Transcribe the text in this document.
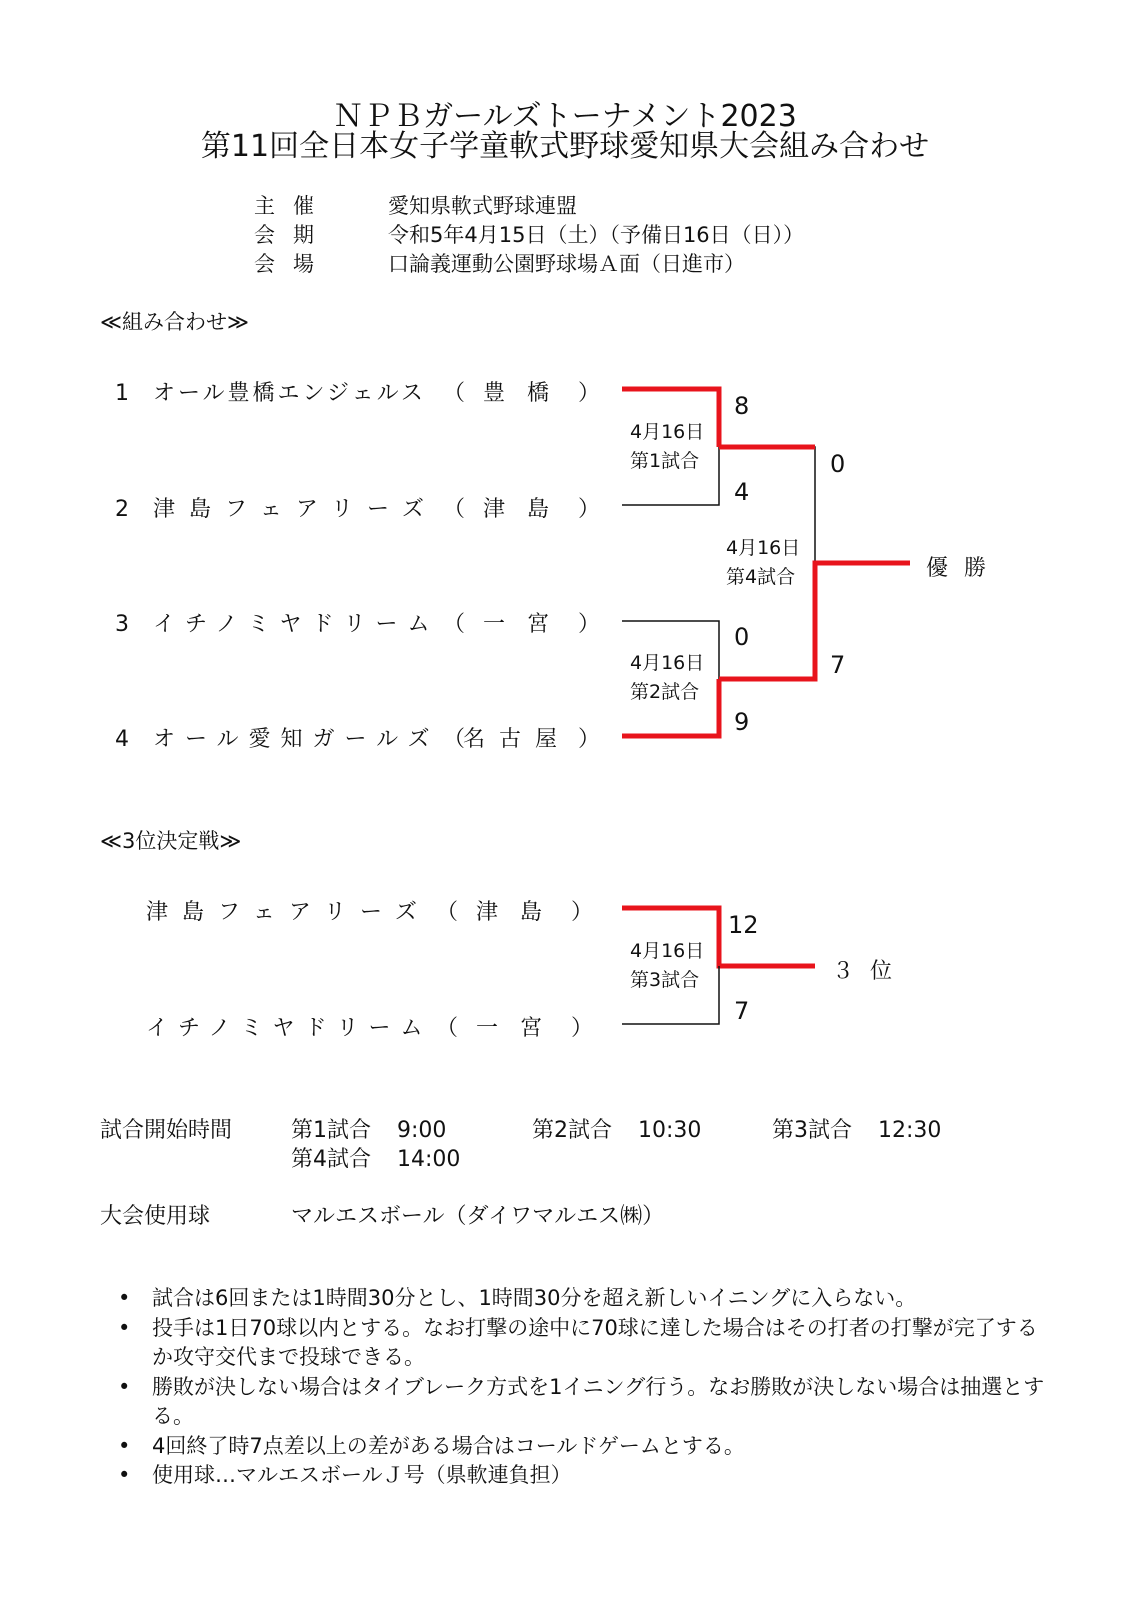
ＮＰＢガールズトーナメント2023
第11回全日本女子学童軟式野球愛知県大会組み合わせ
主催	愛知県軟式野球連盟
会期	令和5年4月15日（土）（予備日16日（日））
会場	口論義運動公園野球場Ａ面（日進市）
≪組み合わせ≫
1 オール豊橋エンジェルス （ 豊　橋 ）
2 津島フェアリーズ （ 津　島 ）
3 イチノミヤドリーム （ 一　宮 ）
4 オール愛知ガールズ （名古屋 ）
8
4月16日
第1試合
4
0
4月16日
第2試合
9
0
4月16日
第4試合
7
優勝
≪3位決定戦≫
津島フェアリーズ （ 津　島 ）
イチノミヤドリーム （ 一　宮 ）
12
4月16日
第3試合
7
３位
試合開始時間	第1試合 9:00	第2試合 10:30	第3試合 12:30
第4試合 14:00
大会使用球	マルエスボール（ダイワマルエス㈱）
• 試合は6回または1時間30分とし、1時間30分を超え新しいイニングに入らない。
• 投手は1日70球以内とする。なお打撃の途中に70球に達した場合はその打者の打撃が完了するか攻守交代まで投球できる。
• 勝敗が決しない場合はタイブレーク方式を1イニング行う。なお勝敗が決しない場合は抽選とする。
• 4回終了時7点差以上の差がある場合はコールドゲームとする。
• 使用球…マルエスボールＪ号（県軟連負担）
